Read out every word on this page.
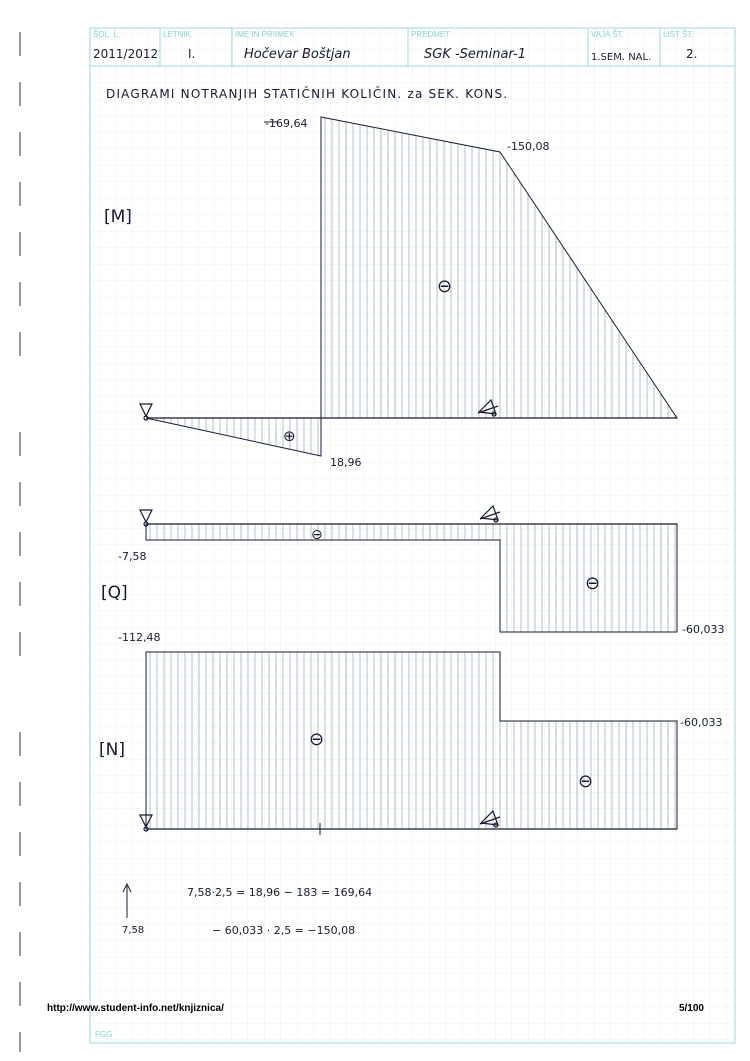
ŠOL. L.	LETNIK	IME IN PRIIMEK	PREDMET	VAJA ŠT.	LIST ŠT.
2011/2012 I.	Hočevar Boštjan	SGK -Seminar-1	1.SEM. NAL.	2.
DIAGRAMI NOTRANJIH STATIČNIH KOLIČIN. za SEK. KONS.
[M]
-169,64
-150,08
18,96
⊖
⊕
[Q]
-7,58
-60,033
⊖
⊖
[N]
-112,48
-60,033
⊖
⊖
7,58
7,58·2,5 = 18,96 − 183 = 169,64
− 60,033 · 2,5 = −150,08
http://www.student-info.net/knjiznica/	5/100
FGG
